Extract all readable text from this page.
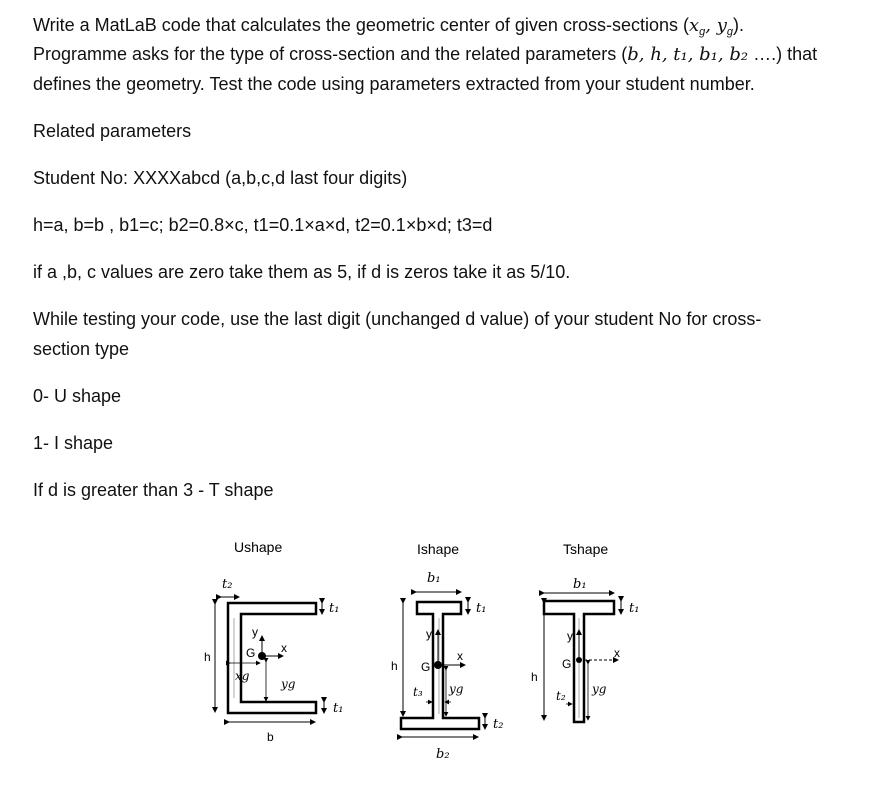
Write a MatLaB code that calculates the geometric center of given cross-sections ($x_g$, $y_g$).
Programme asks for the type of cross-section and the related parameters (b, h, t₁, b₁, b₂ ….) that
defines the geometry. Test the code using parameters extracted from your student number.
Related parameters
Student No: XXXXabcd (a,b,c,d last four digits)
h=a, b=b , b1=c; b2=0.8×c, t1=0.1×a×d, t2=0.1×b×d; t3=d
if a ,b, c values are zero take them as 5, if d is zeros take it as 5/10.
While testing your code, use the last digit (unchanged d value) of your student No for cross-
section type
0- U shape
1- I shape
If d is greater than 3 - T shape
Ushape
t₂
t₁
t₁
h
b
G
y
x
xg
yg
Ishape
b₁
t₁
t₂
h
b₂
G
y
x
t₃ yg
Tshape
b₁
t₁
h
G
y
x
t₂ yg
